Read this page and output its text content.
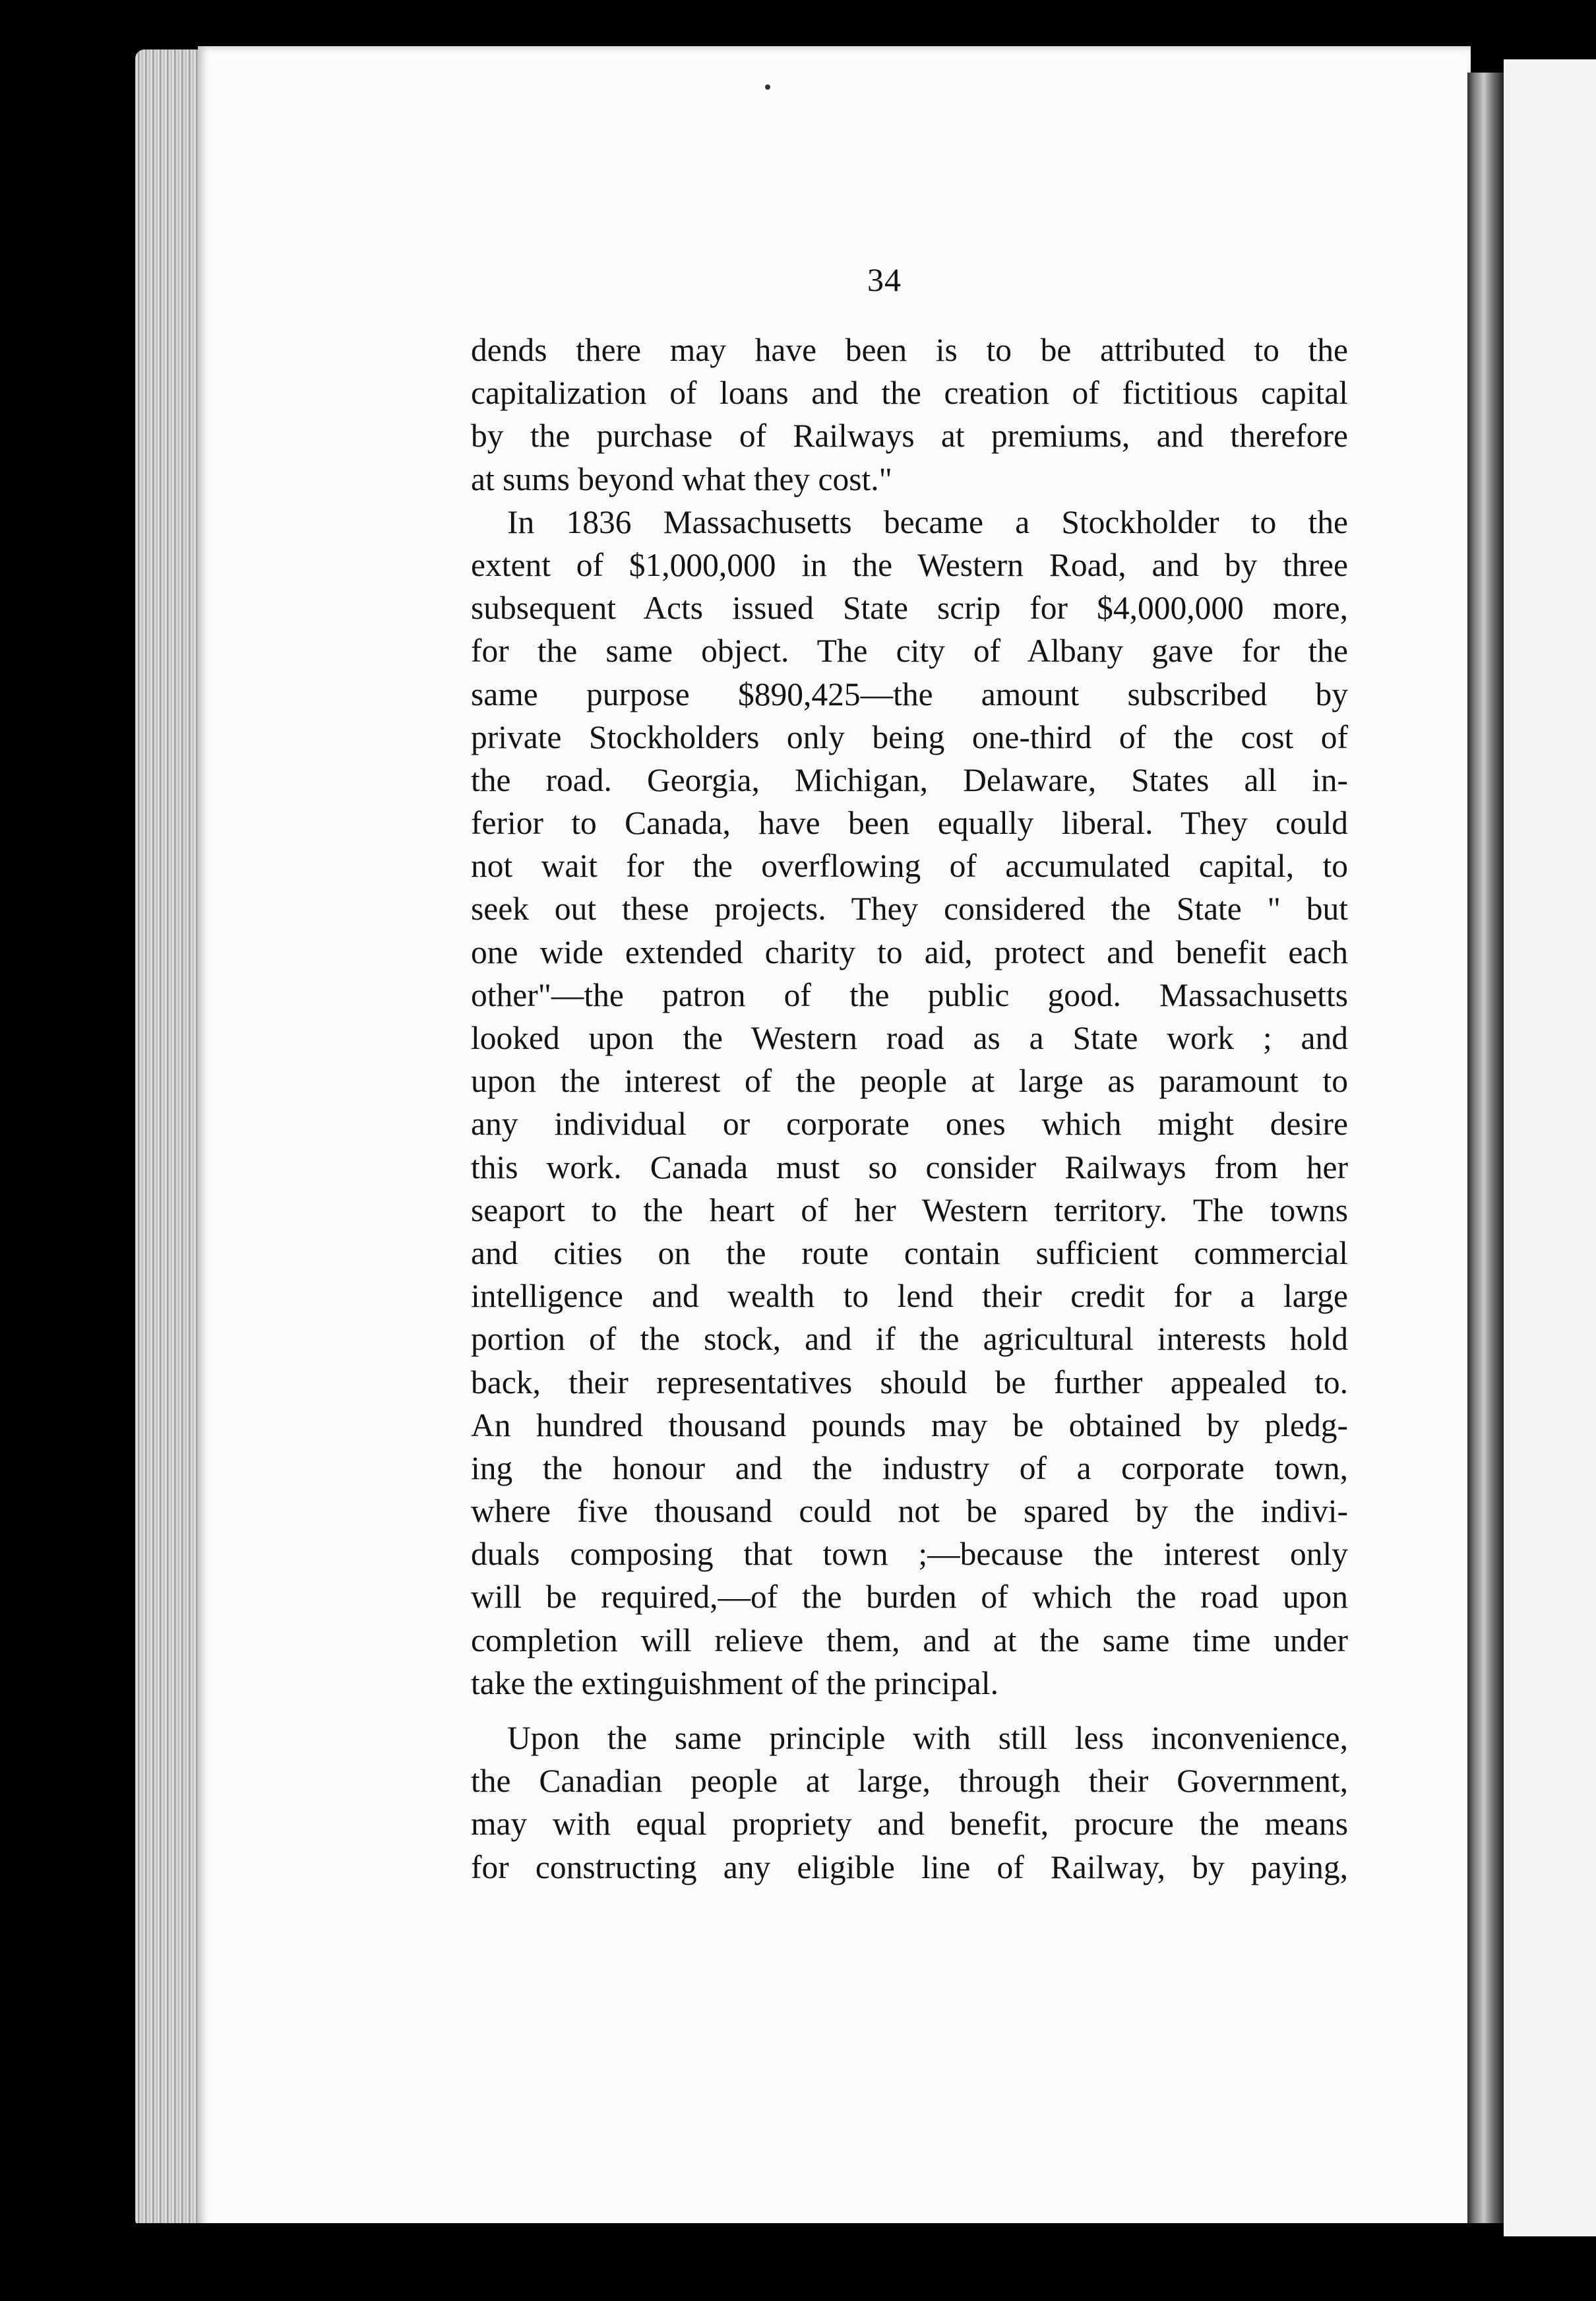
34
dends there may have been is to be attributed to the
capitalization of loans and the creation of fictitious capital
by the purchase of Railways at premiums, and therefore
at sums beyond what they cost."
In 1836 Massachusetts became a Stockholder to the
extent of $1,000,000 in the Western Road, and by three
subsequent Acts issued State scrip for $4,000,000 more,
for the same object. The city of Albany gave for the
same purpose $890,425—the amount subscribed by
private Stockholders only being one-third of the cost of
the road. Georgia, Michigan, Delaware, States all in-
ferior to Canada, have been equally liberal. They could
not wait for the overflowing of accumulated capital, to
seek out these projects. They considered the State " but
one wide extended charity to aid, protect and benefit each
other"—the patron of the public good. Massachusetts
looked upon the Western road as a State work ; and
upon the interest of the people at large as paramount to
any individual or corporate ones which might desire
this work. Canada must so consider Railways from her
seaport to the heart of her Western territory. The towns
and cities on the route contain sufficient commercial
intelligence and wealth to lend their credit for a large
portion of the stock, and if the agricultural interests hold
back, their representatives should be further appealed to.
An hundred thousand pounds may be obtained by pledg-
ing the honour and the industry of a corporate town,
where five thousand could not be spared by the indivi-
duals composing that town ;—because the interest only
will be required,—of the burden of which the road upon
completion will relieve them, and at the same time under
take the extinguishment of the principal.
Upon the same principle with still less inconvenience,
the Canadian people at large, through their Government,
may with equal propriety and benefit, procure the means
for constructing any eligible line of Railway, by paying,
